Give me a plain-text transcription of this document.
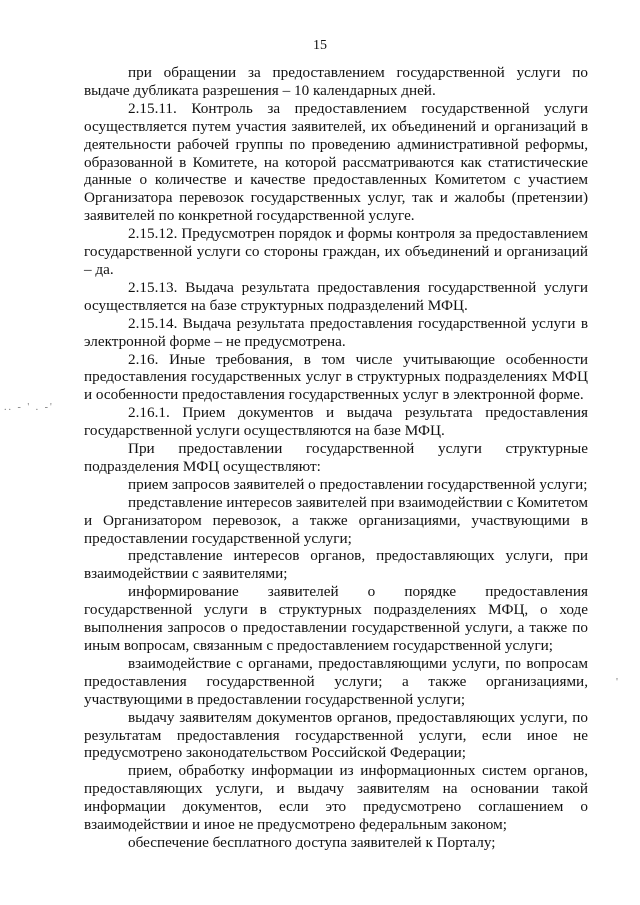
15
.. - ' . -'
'

при обращении за предоставлением государственной услуги по выдаче дубликата разрешения – 10 календарных дней.

2.15.11. Контроль за предоставлением государственной услуги осуществляется путем участия заявителей, их объединений и организаций в деятельности рабочей группы по проведению административной реформы, образованной в Комитете, на которой рассматриваются как статистические данные о количестве и качестве предоставленных Комитетом с участием Организатора перевозок государственных услуг, так и жалобы (претензии) заявителей по конкретной государственной услуге.

2.15.12. Предусмотрен порядок и формы контроля за предоставлением государственной услуги со стороны граждан, их объединений и организаций – да.

2.15.13. Выдача результата предоставления государственной услуги осуществляется на базе структурных подразделений МФЦ.

2.15.14. Выдача результата предоставления государственной услуги в электронной форме – не предусмотрена.

2.16. Иные требования, в том числе учитывающие особенности предоставления государственных услуг в структурных подразделениях МФЦ и особенности предоставления государственных услуг в электронной форме.

2.16.1. Прием документов и выдача результата предоставления государственной услуги осуществляются на базе МФЦ.

При предоставлении государственной услуги структурные подразделения МФЦ осуществляют:

прием запросов заявителей о предоставлении государственной услуги;

представление интересов заявителей при взаимодействии с Комитетом и Организатором перевозок, а также организациями, участвующими в предоставлении государственной услуги;

представление интересов органов, предоставляющих услуги, при взаимодействии с заявителями;

информирование заявителей о порядке предоставления государственной услуги в структурных подразделениях МФЦ, о ходе выполнения запросов о предоставлении государственной услуги, а также по иным вопросам, связанным с предоставлением государственной услуги;

взаимодействие с органами, предоставляющими услуги, по вопросам предоставления государственной услуги; а также организациями, участвующими в предоставлении государственной услуги;

выдачу заявителям документов органов, предоставляющих услуги, по результатам предоставления государственной услуги, если иное не предусмотрено законодательством Российской Федерации;

прием, обработку информации из информационных систем органов, предоставляющих услуги, и выдачу заявителям на основании такой информации документов, если это предусмотрено соглашением о взаимодействии и иное не предусмотрено федеральным законом;

обеспечение бесплатного доступа заявителей к Порталу;
